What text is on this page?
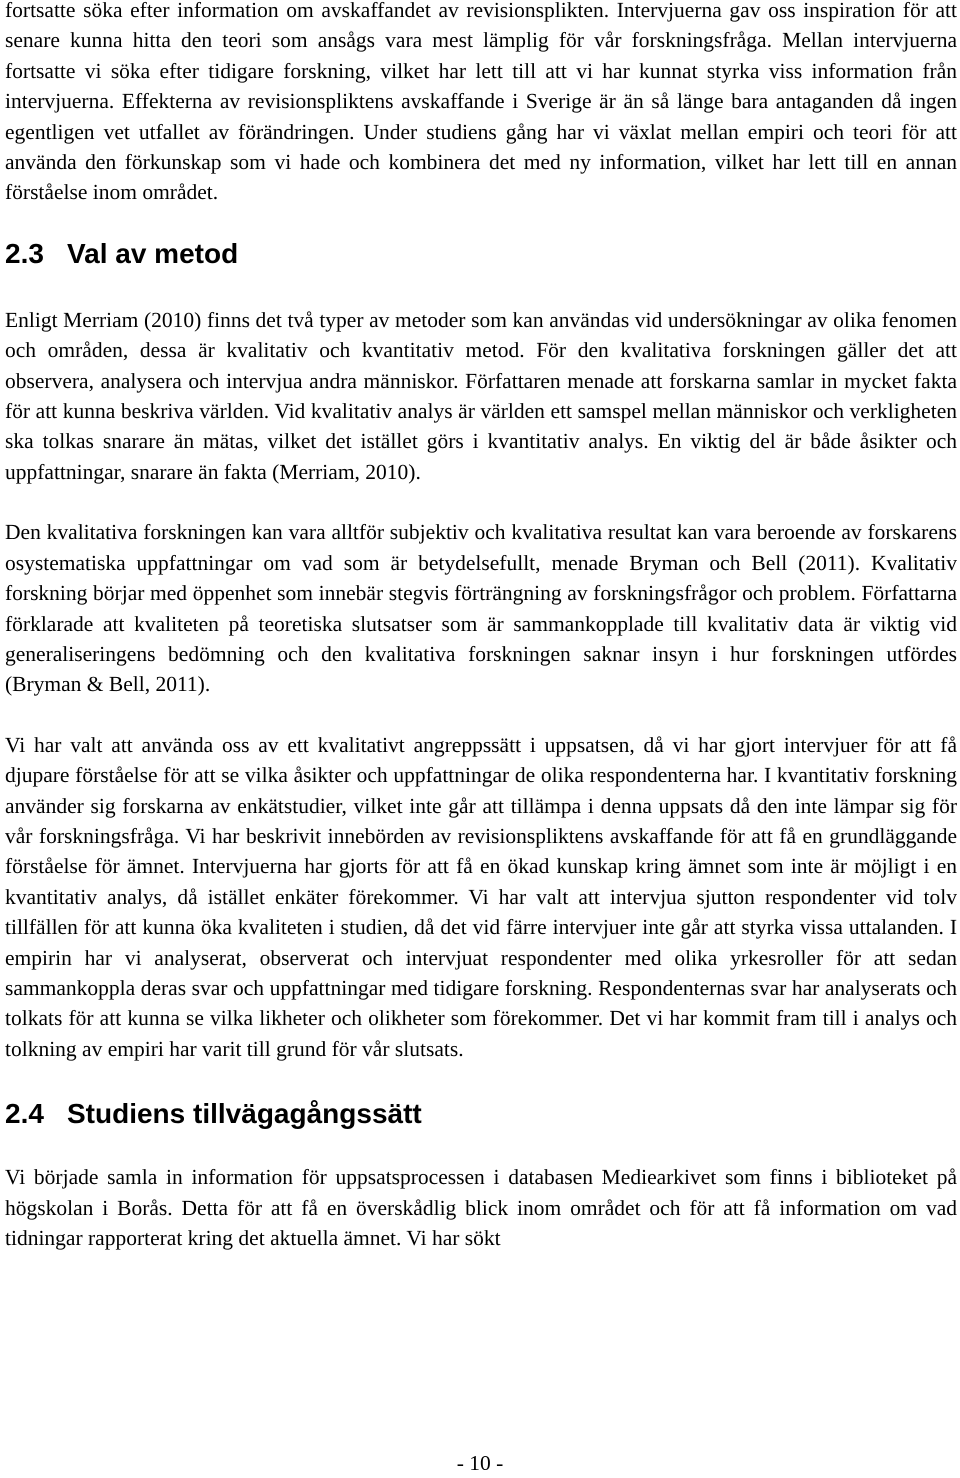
fortsatte söka efter information om avskaffandet av revisionsplikten. Intervjuerna gav oss inspiration för att senare kunna hitta den teori som ansågs vara mest lämplig för vår forskningsfråga. Mellan intervjuerna fortsatte vi söka efter tidigare forskning, vilket har lett till att vi har kunnat styrka viss information från intervjuerna. Effekterna av revisionspliktens avskaffande i Sverige är än så länge bara antaganden då ingen egentligen vet utfallet av förändringen. Under studiens gång har vi växlat mellan empiri och teori för att använda den förkunskap som vi hade och kombinera det med ny information, vilket har lett till en annan förståelse inom området.

2.3 Val av metod

Enligt Merriam (2010) finns det två typer av metoder som kan användas vid undersökningar av olika fenomen och områden, dessa är kvalitativ och kvantitativ metod. För den kvalitativa forskningen gäller det att observera, analysera och intervjua andra människor. Författaren menade att forskarna samlar in mycket fakta för att kunna beskriva världen. Vid kvalitativ analys är världen ett samspel mellan människor och verkligheten ska tolkas snarare än mätas, vilket det istället görs i kvantitativ analys. En viktig del är både åsikter och uppfattningar, snarare än fakta (Merriam, 2010).

Den kvalitativa forskningen kan vara alltför subjektiv och kvalitativa resultat kan vara beroende av forskarens osystematiska uppfattningar om vad som är betydelsefullt, menade Bryman och Bell (2011). Kvalitativ forskning börjar med öppenhet som innebär stegvis förträngning av forskningsfrågor och problem. Författarna förklarade att kvaliteten på teoretiska slutsatser som är sammankopplade till kvalitativ data är viktig vid generaliseringens bedömning och den kvalitativa forskningen saknar insyn i hur forskningen utfördes (Bryman & Bell, 2011).

Vi har valt att använda oss av ett kvalitativt angreppssätt i uppsatsen, då vi har gjort intervjuer för att få djupare förståelse för att se vilka åsikter och uppfattningar de olika respondenterna har. I kvantitativ forskning använder sig forskarna av enkätstudier, vilket inte går att tillämpa i denna uppsats då den inte lämpar sig för vår forskningsfråga. Vi har beskrivit innebörden av revisionspliktens avskaffande för att få en grundläggande förståelse för ämnet. Intervjuerna har gjorts för att få en ökad kunskap kring ämnet som inte är möjligt i en kvantitativ analys, då istället enkäter förekommer. Vi har valt att intervjua sjutton respondenter vid tolv tillfällen för att kunna öka kvaliteten i studien, då det vid färre intervjuer inte går att styrka vissa uttalanden. I empirin har vi analyserat, observerat och intervjuat respondenter med olika yrkesroller för att sedan sammankoppla deras svar och uppfattningar med tidigare forskning. Respondenternas svar har analyserats och tolkats för att kunna se vilka likheter och olikheter som förekommer. Det vi har kommit fram till i analys och tolkning av empiri har varit till grund för vår slutsats.

2.4 Studiens tillvägagångssätt

Vi började samla in information för uppsatsprocessen i databasen Mediearkivet som finns i biblioteket på högskolan i Borås. Detta för att få en överskådlig blick inom området och för att få information om vad tidningar rapporterat kring det aktuella ämnet. Vi har sökt

- 10 -
